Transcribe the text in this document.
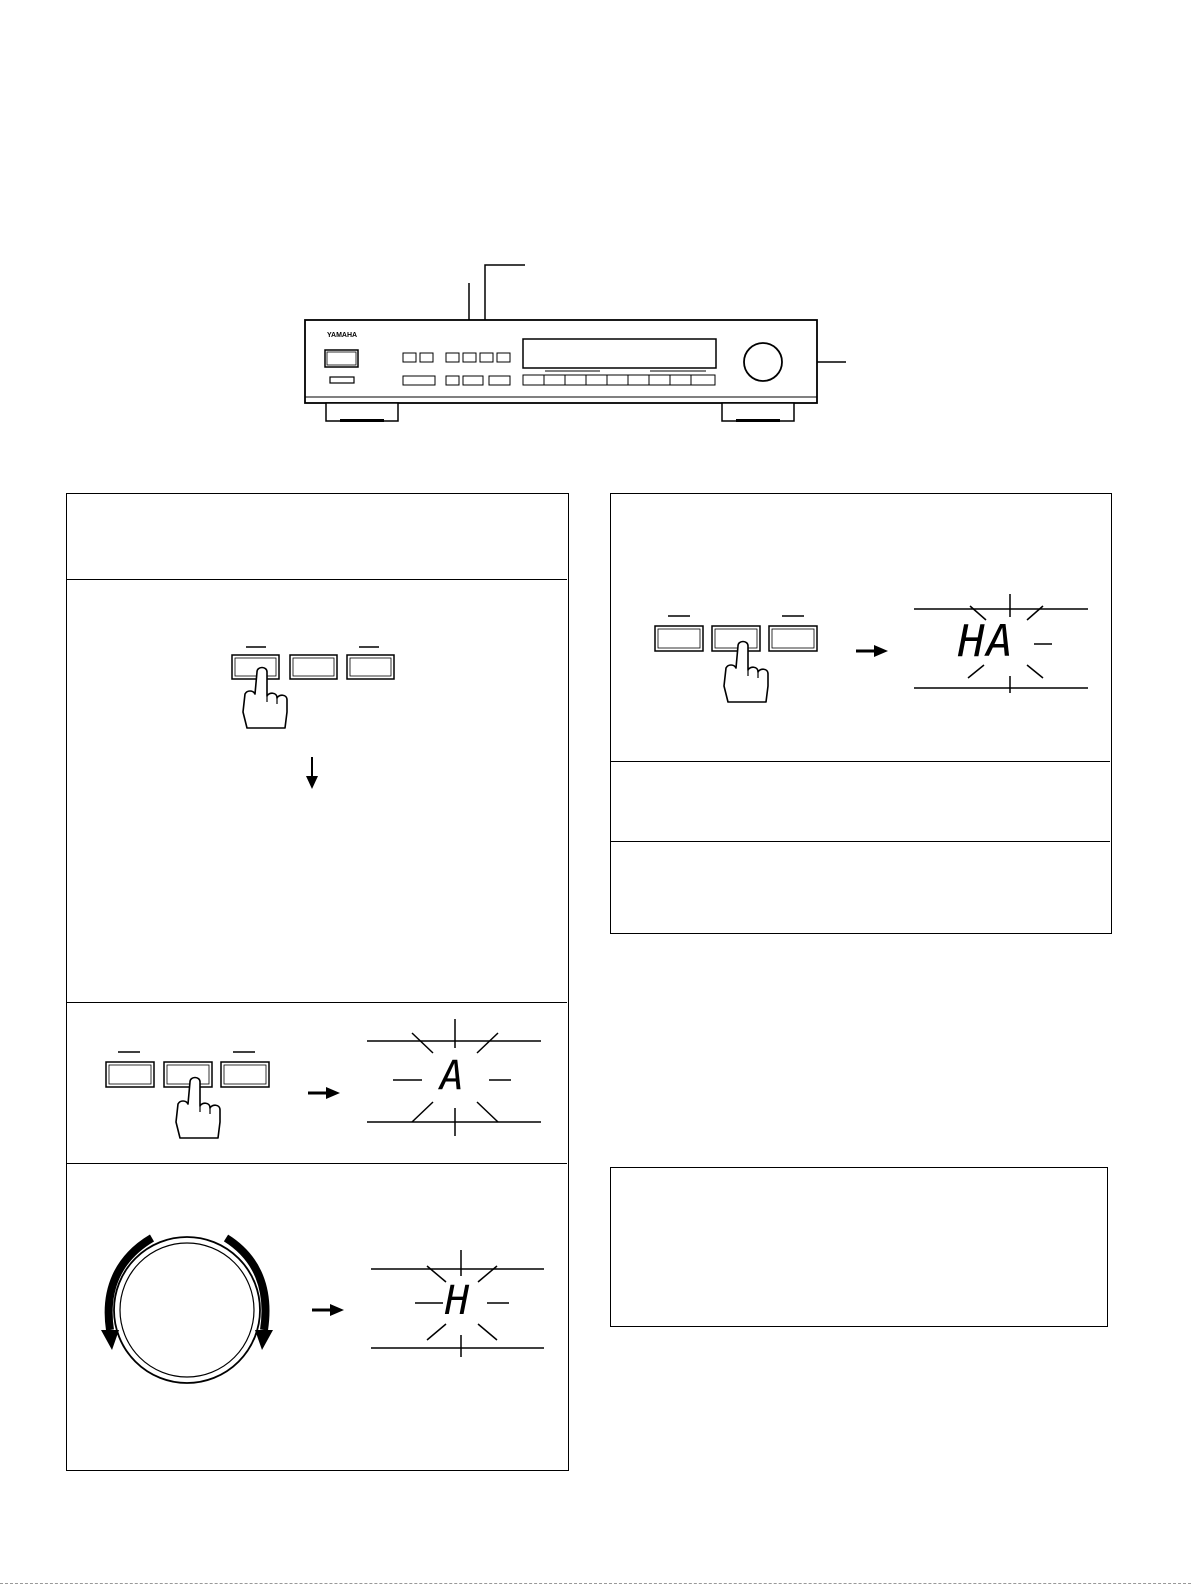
YAMAHA
A
H
HA
